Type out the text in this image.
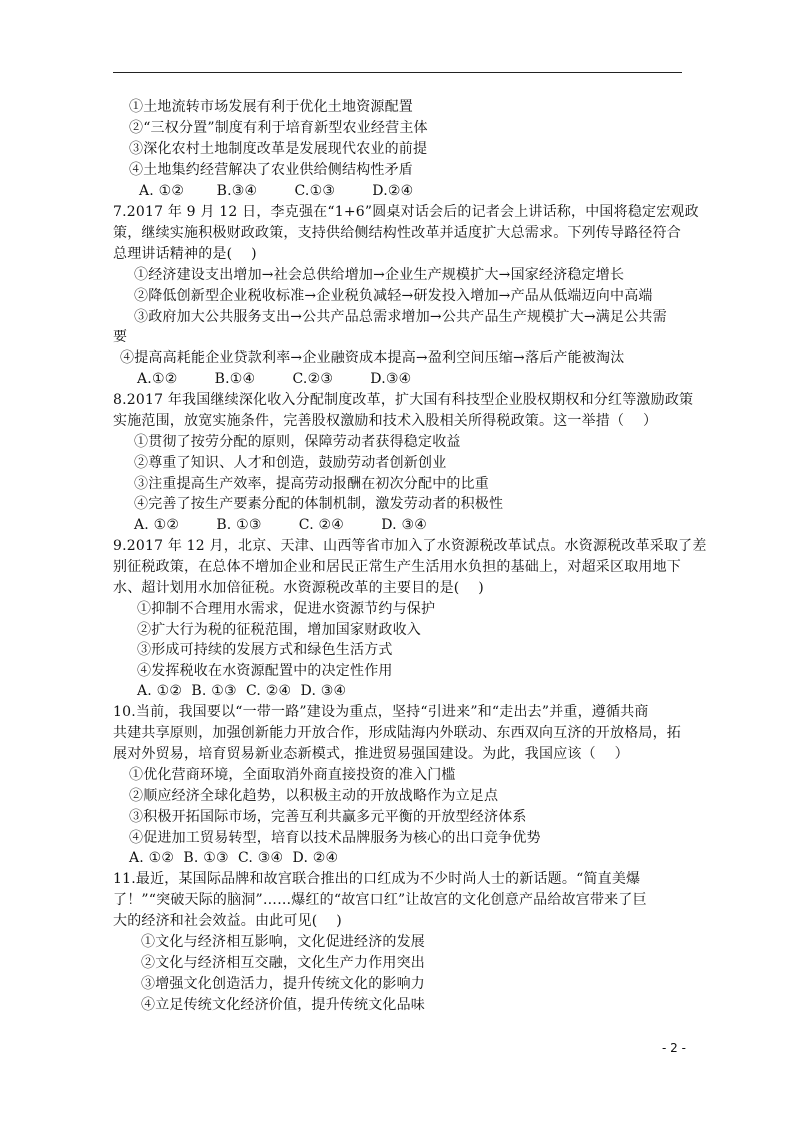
①土地流转市场发展有利于优化土地资源配置
②“三权分置”制度有利于培育新型农业经营主体
③深化农村土地制度改革是发展现代农业的前提
④土地集约经营解决了农业供给侧结构性矛盾
A. ①②       B.③④        C.①③        D.②④
7.2017 年 9 月 12 日，李克强在“1+6”圆桌对话会后的记者会上讲话称，中国将稳定宏观政
策，继续实施积极财政政策，支持供给侧结构性改革并适度扩大总需求。下列传导路径符合
总理讲话精神的是(　 )
①经济建设支出增加→社会总供给增加→企业生产规模扩大→国家经济稳定增长
②降低创新型企业税收标准→企业税负减轻→研发投入增加→产品从低端迈向中高端
③政府加大公共服务支出→公共产品总需求增加→公共产品生产规模扩大→满足公共需
要
④提高高耗能企业贷款利率→企业融资成本提高→盈利空间压缩→落后产能被淘汰
A.①②        B.①④        C.②③        D.③④
8.2017 年我国继续深化收入分配制度改革，扩大国有科技型企业股权期权和分红等激励政策
实施范围，放宽实施条件，完善股权激励和技术入股相关所得税政策。这一举措（　 ）
①贯彻了按劳分配的原则，保障劳动者获得稳定收益
②尊重了知识、人才和创造，鼓励劳动者创新创业
③注重提高生产效率，提高劳动报酬在初次分配中的比重
④完善了按生产要素分配的体制机制，激发劳动者的积极性
A. ①②        B. ①③        C. ②④        D. ③④
9.2017 年 12 月，北京、天津、山西等省市加入了水资源税改革试点。水资源税改革采取了差
别征税政策，在总体不增加企业和居民正常生产生活用水负担的基础上，对超采区取用地下
水、超计划用水加倍征税。水资源税改革的主要目的是(　 )
①抑制不合理用水需求，促进水资源节约与保护
②扩大行为税的征税范围，增加国家财政收入
③形成可持续的发展方式和绿色生活方式
④发挥税收在水资源配置中的决定性作用
A. ①②  B. ①③  C. ②④  D. ③④
10.当前，我国要以“一带一路”建设为重点，坚持“引进来”和“走出去”并重，遵循共商
共建共享原则，加强创新能力开放合作，形成陆海内外联动、东西双向互济的开放格局，拓
展对外贸易，培育贸易新业态新模式，推进贸易强国建设。为此，我国应该（　 ）
①优化营商环境，全面取消外商直接投资的准入门槛
②顺应经济全球化趋势，以积极主动的开放战略作为立足点
③积极开拓国际市场，完善互利共赢多元平衡的开放型经济体系
④促进加工贸易转型，培育以技术品牌服务为核心的出口竞争优势
A. ①②  B. ①③  C. ③④  D. ②④
11.最近，某国际品牌和故宫联合推出的口红成为不少时尚人士的新话题。“简直美爆
了！”“突破天际的脑洞”……爆红的“故宫口红”让故宫的文化创意产品给故宫带来了巨
大的经济和社会效益。由此可见(　 )
①文化与经济相互影响，文化促进经济的发展
②文化与经济相互交融，文化生产力作用突出
③增强文化创造活力，提升传统文化的影响力
④立足传统文化经济价值，提升传统文化品味
- 2 -
